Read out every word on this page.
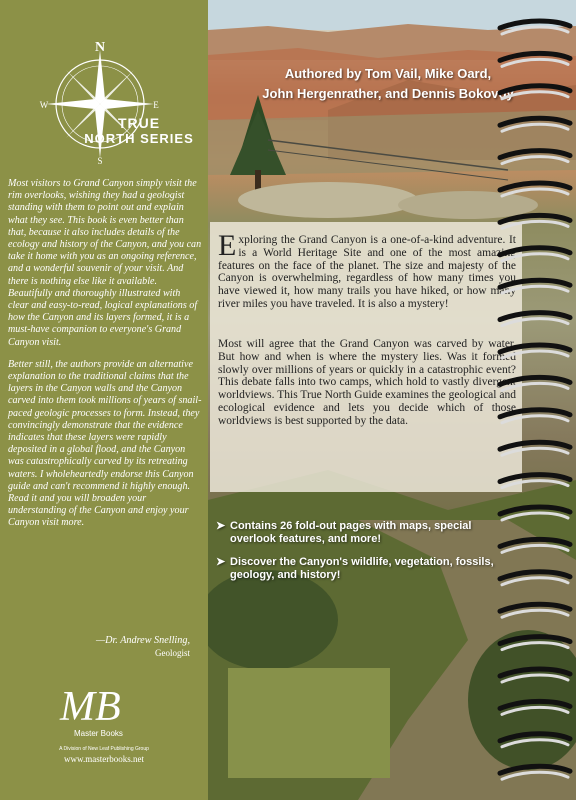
N
E
S
W
TRUE
NORTH SERIES

Most visitors to Grand Canyon simply visit the rim overlooks, wishing they had a geologist standing with them to point out and explain what they see. This book is even better than that, because it also includes details of the ecology and history of the Canyon, and you can take it home with you as an ongoing reference, and a wonderful souvenir of your visit. And there is nothing else like it available. Beautifully and thoroughly illustrated with clear and easy-to-read, logical explanations of how the Canyon and its layers formed, it is a must-have companion to everyone's Grand Canyon visit.

Better still, the authors provide an alternative explanation to the traditional claims that the layers in the Canyon walls and the Canyon carved into them took millions of years of snail-paced geologic processes to form. Instead, they convincingly demonstrate that the evidence indicates that these layers were rapidly deposited in a global flood, and the Canyon was catastrophically carved by its retreating waters. I wholeheartedly endorse this Canyon guide and can't recommend it highly enough. Read it and you will broaden your understanding of the Canyon and enjoy your Canyon visit more.

—Dr. Andrew Snelling,
Geologist
MB
Master Books
A Division of New Leaf Publishing Group
www.masterbooks.net
Authored by Tom Vail, Mike Oard,
John Hergenrather, and Dennis Bokovoy
Exploring the Grand Canyon is a one-of-a-kind adventure. It is a World Heritage Site and one of the most amazing features on the face of the planet. The size and majesty of the Canyon is overwhelming, regardless of how many times you have viewed it, how many trails you have hiked, or how many river miles you have traveled. It is also a mystery!
Most will agree that the Grand Canyon was carved by water. But how and when is where the mystery lies. Was it formed slowly over millions of years or quickly in a catastrophic event? This debate falls into two camps, which hold to vastly divergent worldviews. This True North Guide examines the geological and ecological evidence and lets you decide which of those worldviews is best supported by the data.
➤ Contains 26 fold-out pages with maps, special overlook features, and more!
➤ Discover the Canyon's wildlife, vegetation, fossils, geology, and history!
